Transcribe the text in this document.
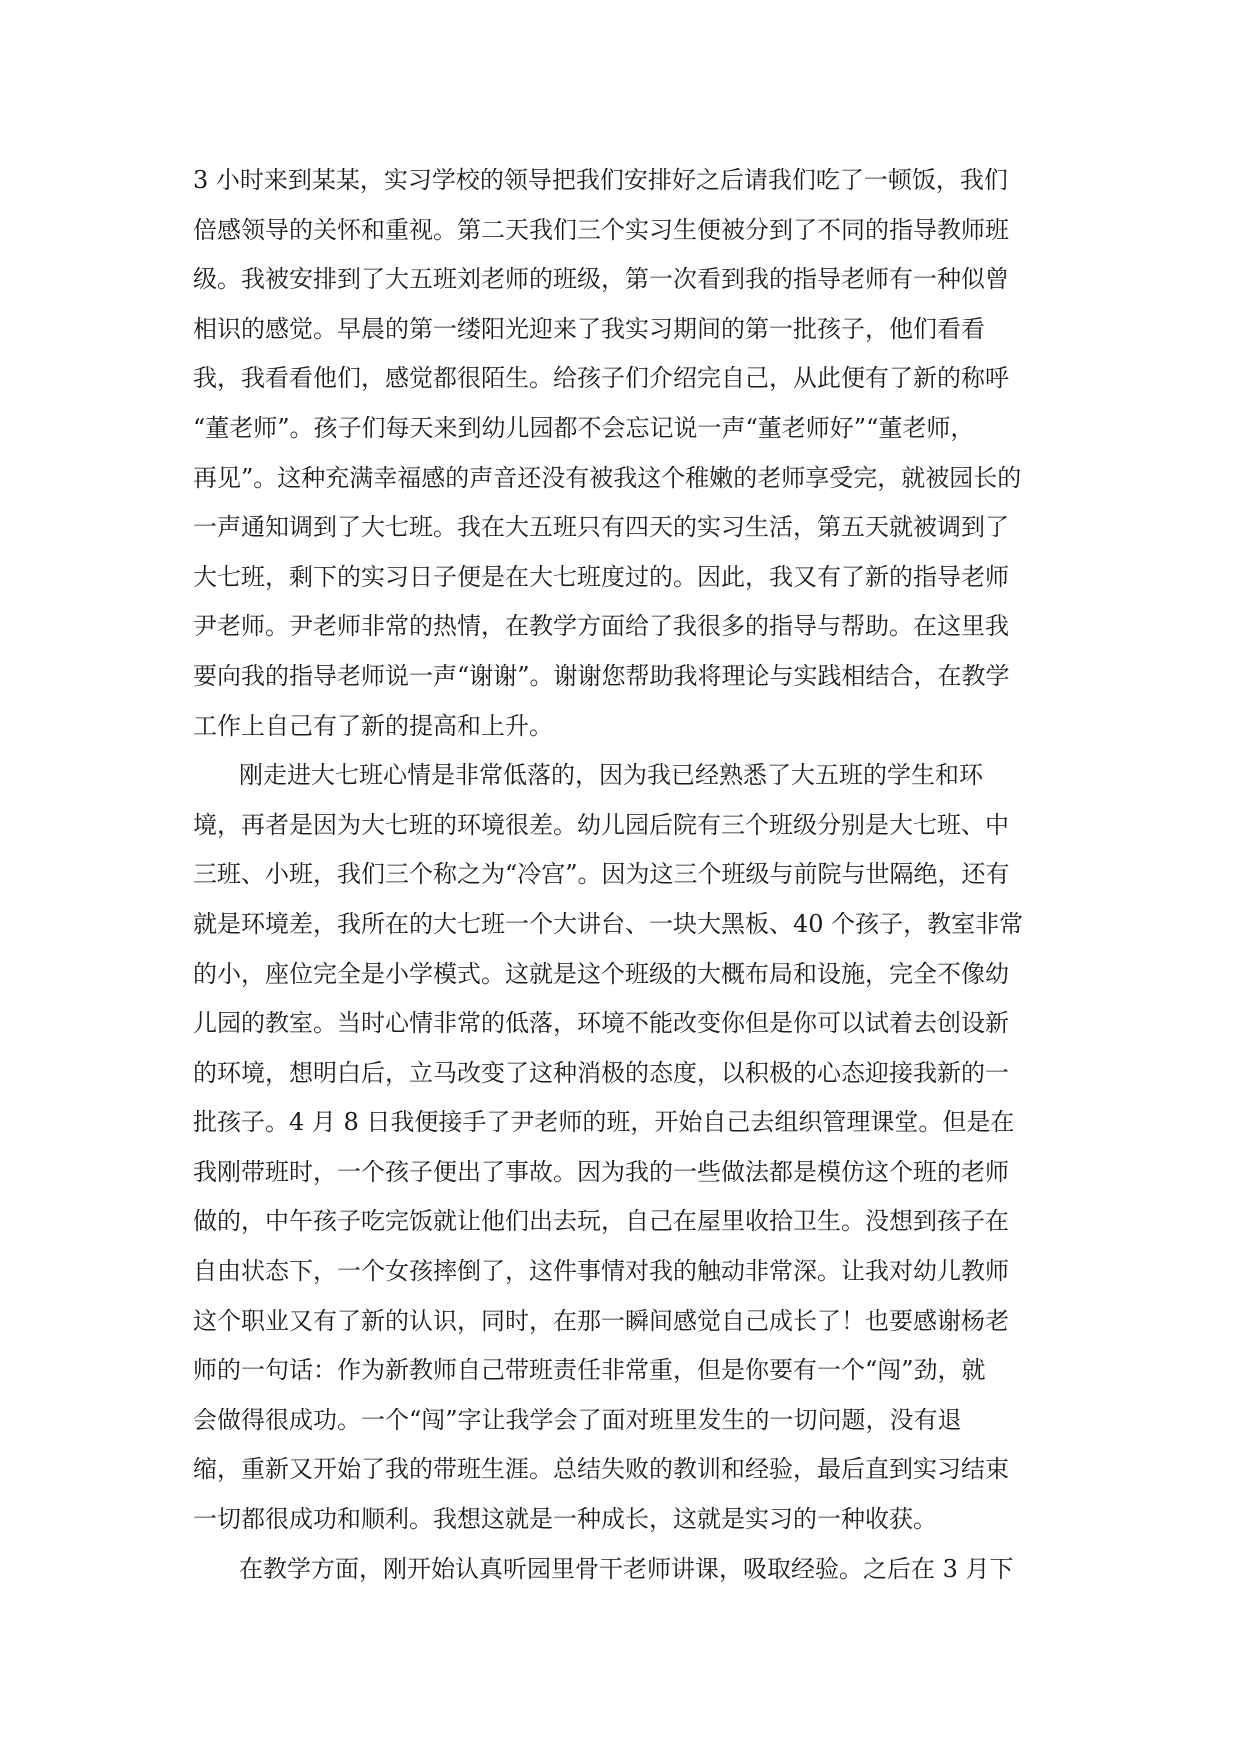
3 小时来到某某，实习学校的领导把我们安排好之后请我们吃了一顿饭，我们
倍感领导的关怀和重视。第二天我们三个实习生便被分到了不同的指导教师班
级。我被安排到了大五班刘老师的班级，第一次看到我的指导老师有一种似曾
相识的感觉。早晨的第一缕阳光迎来了我实习期间的第一批孩子，他们看看
我，我看看他们，感觉都很陌生。给孩子们介绍完自己，从此便有了新的称呼
“董老师”。孩子们每天来到幼儿园都不会忘记说一声“董老师好”“董老师，
再见”。这种充满幸福感的声音还没有被我这个稚嫩的老师享受完，就被园长的
一声通知调到了大七班。我在大五班只有四天的实习生活，第五天就被调到了
大七班，剩下的实习日子便是在大七班度过的。因此，我又有了新的指导老师
尹老师。尹老师非常的热情，在教学方面给了我很多的指导与帮助。在这里我
要向我的指导老师说一声“谢谢”。谢谢您帮助我将理论与实践相结合，在教学
工作上自己有了新的提高和上升。
刚走进大七班心情是非常低落的，因为我已经熟悉了大五班的学生和环
境，再者是因为大七班的环境很差。幼儿园后院有三个班级分别是大七班、中
三班、小班，我们三个称之为“冷宫”。因为这三个班级与前院与世隔绝，还有
就是环境差，我所在的大七班一个大讲台、一块大黑板、40 个孩子，教室非常
的小，座位完全是小学模式。这就是这个班级的大概布局和设施，完全不像幼
儿园的教室。当时心情非常的低落，环境不能改变你但是你可以试着去创设新
的环境，想明白后，立马改变了这种消极的态度，以积极的心态迎接我新的一
批孩子。4 月 8 日我便接手了尹老师的班，开始自己去组织管理课堂。但是在
我刚带班时，一个孩子便出了事故。因为我的一些做法都是模仿这个班的老师
做的，中午孩子吃完饭就让他们出去玩，自己在屋里收拾卫生。没想到孩子在
自由状态下，一个女孩摔倒了，这件事情对我的触动非常深。让我对幼儿教师
这个职业又有了新的认识，同时，在那一瞬间感觉自己成长了！也要感谢杨老
师的一句话：作为新教师自己带班责任非常重，但是你要有一个“闯”劲，就
会做得很成功。一个“闯”字让我学会了面对班里发生的一切问题，没有退
缩，重新又开始了我的带班生涯。总结失败的教训和经验，最后直到实习结束
一切都很成功和顺利。我想这就是一种成长，这就是实习的一种收获。
在教学方面，刚开始认真听园里骨干老师讲课，吸取经验。之后在 3 月下
